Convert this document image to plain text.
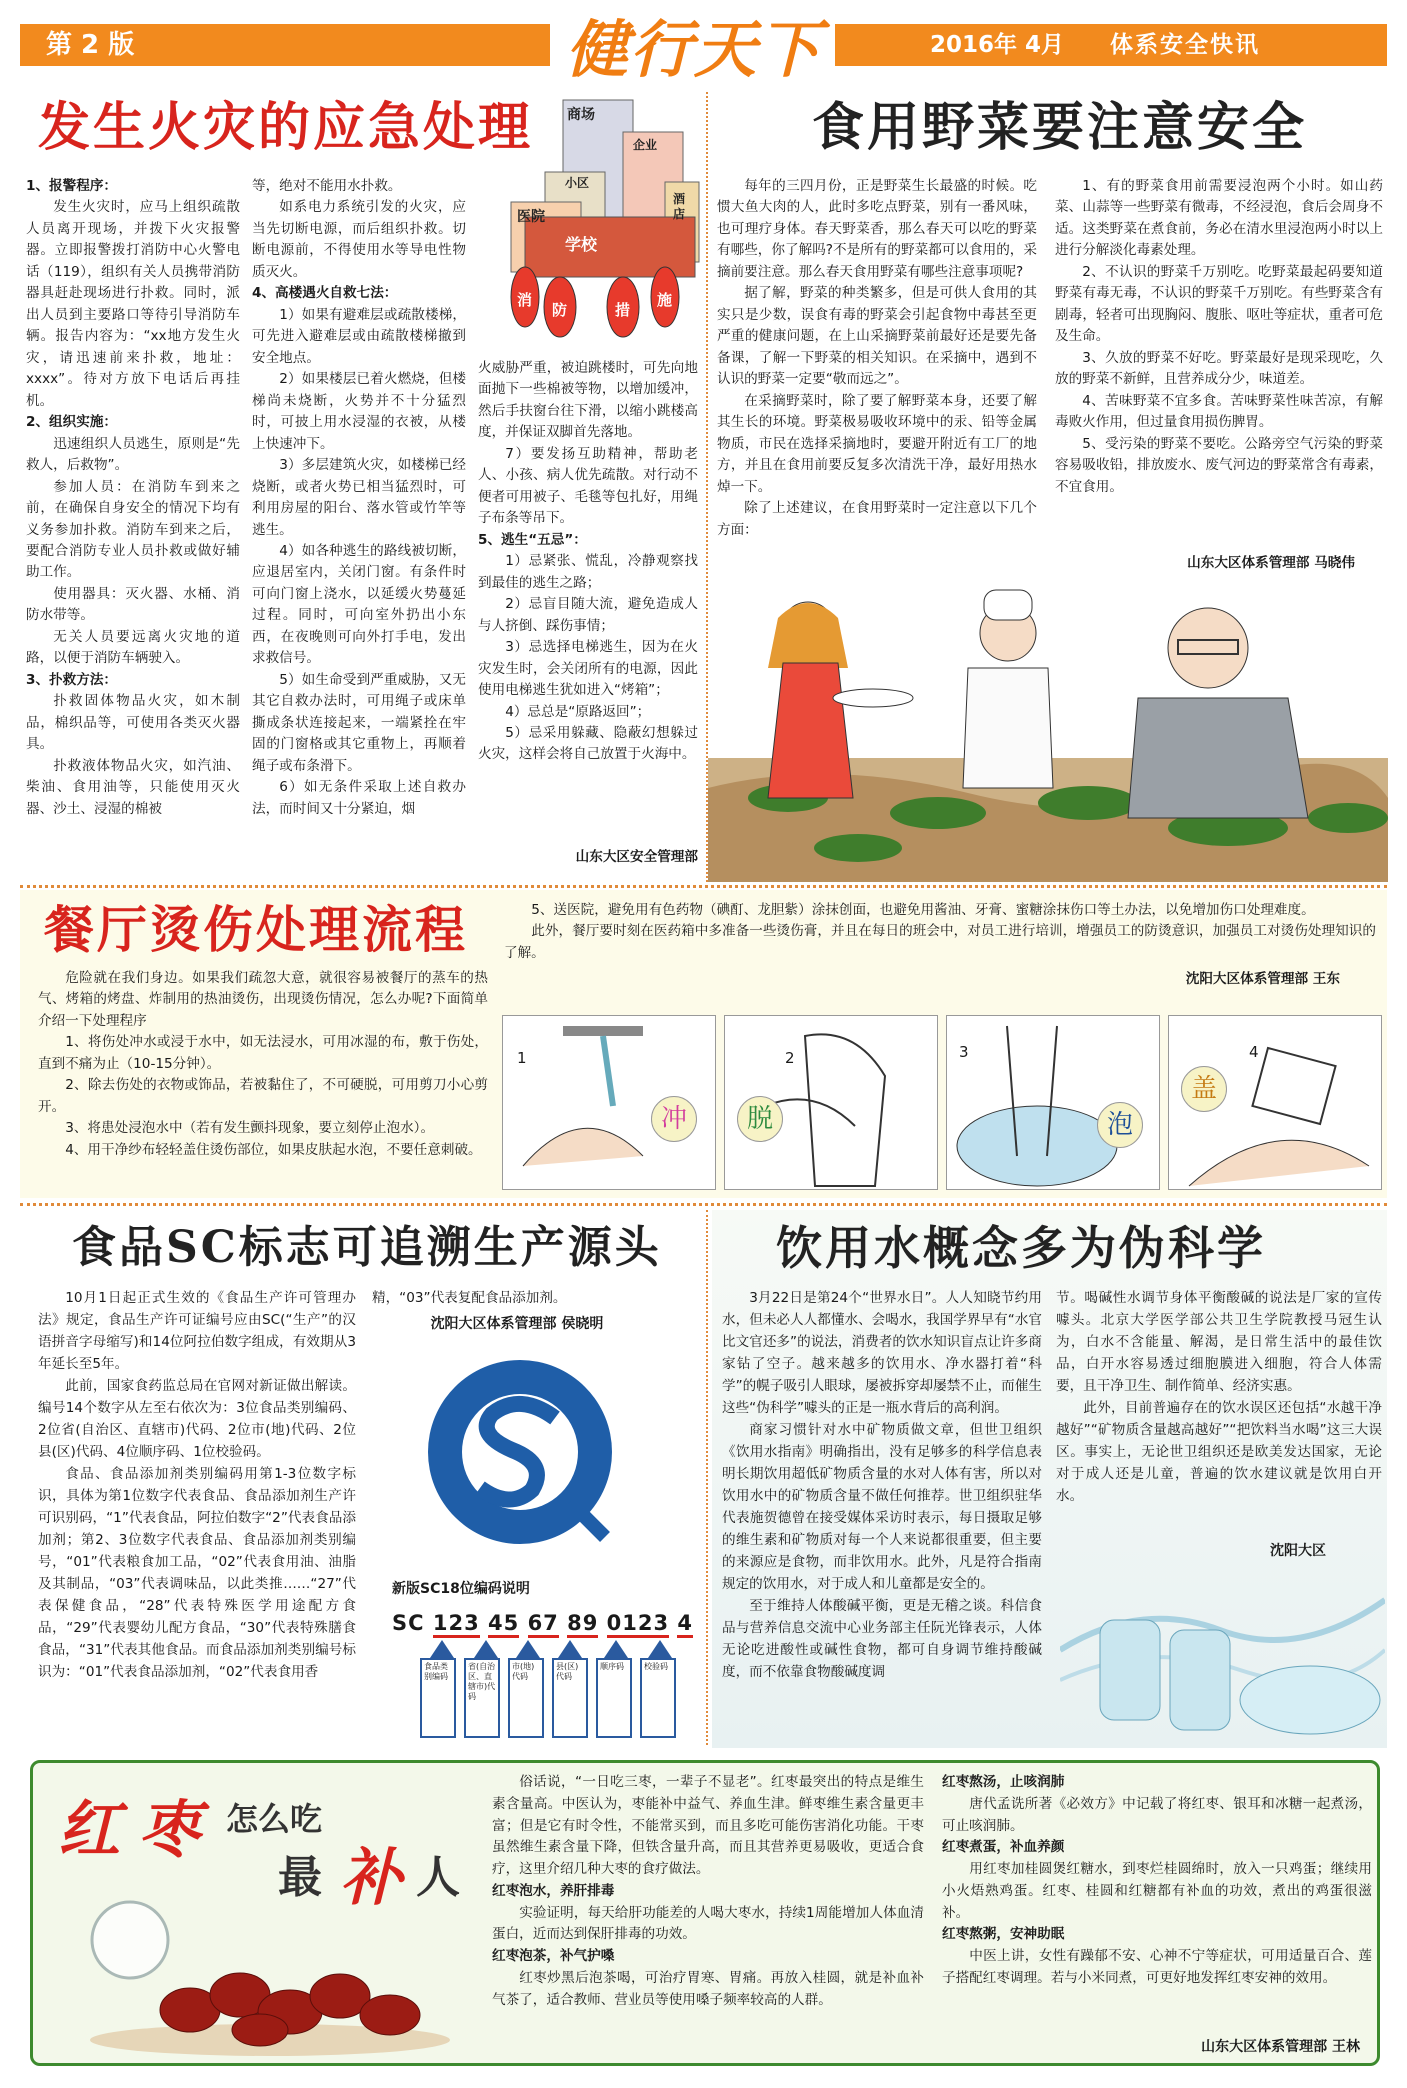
第 2 版	健行天下	2016年 4月 体系安全快讯
发生火灾的应急处理 商场
企业
小区
酒店
医院
学校
消
防	措
施
1、报警程序：

发生火灾时，应马上组织疏散人员离开现场，并拨下火灾报警器。立即报警拨打消防中心火警电话（119），组织有关人员携带消防器具赶赴现场进行扑救。同时，派出人员到主要路口等待引导消防车辆。报告内容为：“xx地方发生火灾，请迅速前来扑救，地址：xxxx”。待对方放下电话后再挂机。

2、组织实施：

迅速组织人员逃生，原则是“先救人，后救物”。

参加人员：在消防车到来之前，在确保自身安全的情况下均有义务参加扑救。消防车到来之后，要配合消防专业人员扑救或做好辅助工作。

使用器具：灭火器、水桶、消防水带等。

无关人员要远离火灾地的道路，以便于消防车辆驶入。

3、扑救方法：

扑救固体物品火灾，如木制品，棉织品等，可使用各类灭火器具。

扑救液体物品火灾，如汽油、柴油、食用油等，只能使用灭火器、沙土、浸湿的棉被

等，绝对不能用水扑救。

如系电力系统引发的火灾，应当先切断电源，而后组织扑救。切断电源前，不得使用水等导电性物质灭火。

4、高楼遇火自救七法：

1）如果有避难层或疏散楼梯，可先进入避难层或由疏散楼梯撤到安全地点。

2）如果楼层已着火燃烧，但楼梯尚未烧断，火势并不十分猛烈时，可披上用水浸湿的衣被，从楼上快速冲下。

3）多层建筑火灾，如楼梯已经烧断，或者火势已相当猛烈时，可利用房屋的阳台、落水管或竹竿等逃生。

4）如各种逃生的路线被切断，应退居室内，关闭门窗。有条件时可向门窗上浇水，以延缓火势蔓延过程。同时，可向室外扔出小东西，在夜晚则可向外打手电，发出求救信号。

5）如生命受到严重威胁，又无其它自救办法时，可用绳子或床单撕成条状连接起来，一端紧拴在牢固的门窗格或其它重物上，再顺着绳子或布条滑下。

6）如无条件采取上述自救办法，而时间又十分紧迫，烟

火威胁严重，被迫跳楼时，可先向地面抛下一些棉被等物，以增加缓冲，然后手扶窗台往下滑，以缩小跳楼高度，并保证双脚首先落地。

7）要发扬互助精神，帮助老人、小孩、病人优先疏散。对行动不便者可用被子、毛毯等包扎好，用绳子布条等吊下。

5、逃生“五忌”：

1）忌紧张、慌乱，冷静观察找到最佳的逃生之路；

2）忌盲目随大流，避免造成人与人挤倒、踩伤事情；

3）忌选择电梯逃生，因为在火灾发生时，会关闭所有的电源，因此使用电梯逃生犹如进入“烤箱”；

4）忌总是“原路返回”；

5）忌采用躲藏、隐蔽幻想躲过火灾，这样会将自己放置于火海中。

山东大区安全管理部
食用野菜要注意安全

每年的三四月份，正是野菜生长最盛的时候。吃惯大鱼大肉的人，此时多吃点野菜，别有一番风味，也可理疗身体。春天野菜香，那么春天可以吃的野菜有哪些，你了解吗?不是所有的野菜都可以食用的，采摘前要注意。那么春天食用野菜有哪些注意事项呢?

据了解，野菜的种类繁多，但是可供人食用的其实只是少数，误食有毒的野菜会引起食物中毒甚至更严重的健康问题，在上山采摘野菜前最好还是要先备备课，了解一下野菜的相关知识。在采摘中，遇到不认识的野菜一定要“敬而远之”。

在采摘野菜时，除了要了解野菜本身，还要了解其生长的环境。野菜极易吸收环境中的汞、铅等金属物质，市民在选择采摘地时，要避开附近有工厂的地方，并且在食用前要反复多次清洗干净，最好用热水焯一下。

除了上述建议，在食用野菜时一定注意以下几个方面：

1、有的野菜食用前需要浸泡两个小时。如山药菜、山蒜等一些野菜有微毒，不经浸泡，食后会周身不适。这类野菜在煮食前，务必在清水里浸泡两小时以上进行分解淡化毒素处理。

2、不认识的野菜千万别吃。吃野菜最起码要知道野菜有毒无毒，不认识的野菜千万别吃。有些野菜含有剧毒，轻者可出现胸闷、腹胀、呕吐等症状，重者可危及生命。

3、久放的野菜不好吃。野菜最好是现采现吃，久放的野菜不新鲜，且营养成分少，味道差。

4、苦味野菜不宜多食。苦味野菜性味苦凉，有解毒败火作用，但过量食用损伤脾胃。

5、受污染的野菜不要吃。公路旁空气污染的野菜容易吸收铅，排放废水、废气河边的野菜常含有毒素，不宜食用。

山东大区体系管理部 马晓伟
餐厅烫伤处理流程

危险就在我们身边。如果我们疏忽大意，就很容易被餐厅的蒸车的热气、烤箱的烤盘、炸制用的热油烫伤，出现烫伤情况，怎么办呢?下面简单介绍一下处理程序

1、将伤处冲水或浸于水中，如无法浸水，可用冰湿的布，敷于伤处，直到不痛为止（10-15分钟）。

2、除去伤处的衣物或饰品，若被黏住了，不可硬脱，可用剪刀小心剪开。

3、将患处浸泡水中（若有发生颤抖现象，要立刻停止泡水）。

4、用干净纱布轻轻盖住烫伤部位，如果皮肤起水泡，不要任意刺破。

5、送医院，避免用有色药物（碘酊、龙胆紫）涂抹创面，也避免用酱油、牙膏、蜜糖涂抹伤口等土办法，以免增加伤口处理难度。

此外，餐厅要时刻在医药箱中多准备一些烫伤膏，并且在每日的班会中，对员工进行培训，增强员工的防烫意识，加强员工对烫伤处理知识的了解。

沈阳大区体系管理部 王东
1
冲
2
脱
3
泡
4
盖
食品SC标志可追溯生产源头

10月1日起正式生效的《食品生产许可管理办法》规定，食品生产许可证编号应由SC(“生产”的汉语拼音字母缩写)和14位阿拉伯数字组成，有效期从3年延长至5年。

此前，国家食药监总局在官网对新证做出解读。编号14个数字从左至右依次为：3位食品类别编码、2位省(自治区、直辖市)代码、2位市(地)代码、2位县(区)代码、4位顺序码、1位校验码。

食品、食品添加剂类别编码用第1-3位数字标识，具体为第1位数字代表食品、食品添加剂生产许可识别码，“1”代表食品，阿拉伯数字“2”代表食品添加剂；第2、3位数字代表食品、食品添加剂类别编号，“01”代表粮食加工品，“02”代表食用油、油脂及其制品，“03”代表调味品，以此类推……“27”代表保健食品，“28”代表特殊医学用途配方食品，“29”代表婴幼儿配方食品，“30”代表特殊膳食食品，“31”代表其他食品。而食品添加剂类别编号标识为：“01”代表食品添加剂，“02”代表食用香

精，“03”代表复配食品添加剂。
沈阳大区体系管理部 侯晓明
新版SC18位编码说明
SC 123 45 67 89 0123 4
食品类别编码
省(自治区、直辖市)代码
市(地)代码
县(区)代码
顺序码	校验码
饮用水概念多为伪科学

3月22日是第24个“世界水日”。人人知晓节约用水，但未必人人都懂水、会喝水，我国学界早有“水官比文官还多”的说法，消费者的饮水知识盲点让许多商家钻了空子。越来越多的饮用水、净水器打着“科学”的幌子吸引人眼球，屡被拆穿却屡禁不止，而催生这些“伪科学”噱头的正是一瓶水背后的高利润。

商家习惯针对水中矿物质做文章，但世卫组织《饮用水指南》明确指出，没有足够多的科学信息表明长期饮用超低矿物质含量的水对人体有害，所以对饮用水中的矿物质含量不做任何推荐。世卫组织驻华代表施贺德曾在接受媒体采访时表示，每日摄取足够的维生素和矿物质对每一个人来说都很重要，但主要的来源应是食物，而非饮用水。此外，凡是符合指南规定的饮用水，对于成人和儿童都是安全的。

至于维持人体酸碱平衡，更是无稽之谈。科信食品与营养信息交流中心业务部主任阮光锋表示，人体无论吃进酸性或碱性食物，都可自身调节维持酸碱度，而不依靠食物酸碱度调

节。喝碱性水调节身体平衡酸碱的说法是厂家的宣传噱头。北京大学医学部公共卫生学院教授马冠生认为，白水不含能量、解渴，是日常生活中的最佳饮品，白开水容易透过细胞膜进入细胞，符合人体需要，且干净卫生、制作简单、经济实惠。

此外，目前普遍存在的饮水误区还包括“水越干净越好”“矿物质含量越高越好”“把饮料当水喝”这三大误区。事实上，无论世卫组织还是欧美发达国家，无论对于成人还是儿童，普遍的饮水建议就是饮用白开水。

沈阳大区
红 枣 怎么吃
最 补 人

俗话说，“一日吃三枣，一辈子不显老”。红枣最突出的特点是维生素含量高。中医认为，枣能补中益气、养血生津。鲜枣维生素含量更丰富；但是它有时令性，不能常买到，而且多吃可能伤害消化功能。干枣虽然维生素含量下降，但铁含量升高，而且其营养更易吸收，更适合食疗，这里介绍几种大枣的食疗做法。

红枣泡水，养肝排毒

实验证明，每天给肝功能差的人喝大枣水，持续1周能增加人体血清蛋白，近而达到保肝排毒的功效。

红枣泡茶，补气护嗓

红枣炒黑后泡茶喝，可治疗胃寒、胃痛。再放入桂圆，就是补血补气茶了，适合教师、营业员等使用嗓子频率较高的人群。

红枣熬汤，止咳润肺

唐代孟诜所著《必效方》中记载了将红枣、银耳和冰糖一起煮汤，可止咳润肺。

红枣煮蛋，补血养颜

用红枣加桂圆煲红糖水，到枣烂桂圆绵时，放入一只鸡蛋；继续用小火焐熟鸡蛋。红枣、桂圆和红糖都有补血的功效，煮出的鸡蛋很滋补。

红枣熬粥，安神助眠

中医上讲，女性有躁郁不安、心神不宁等症状，可用适量百合、莲子搭配红枣调理。若与小米同煮，可更好地发挥红枣安神的效用。

山东大区体系管理部 王林
